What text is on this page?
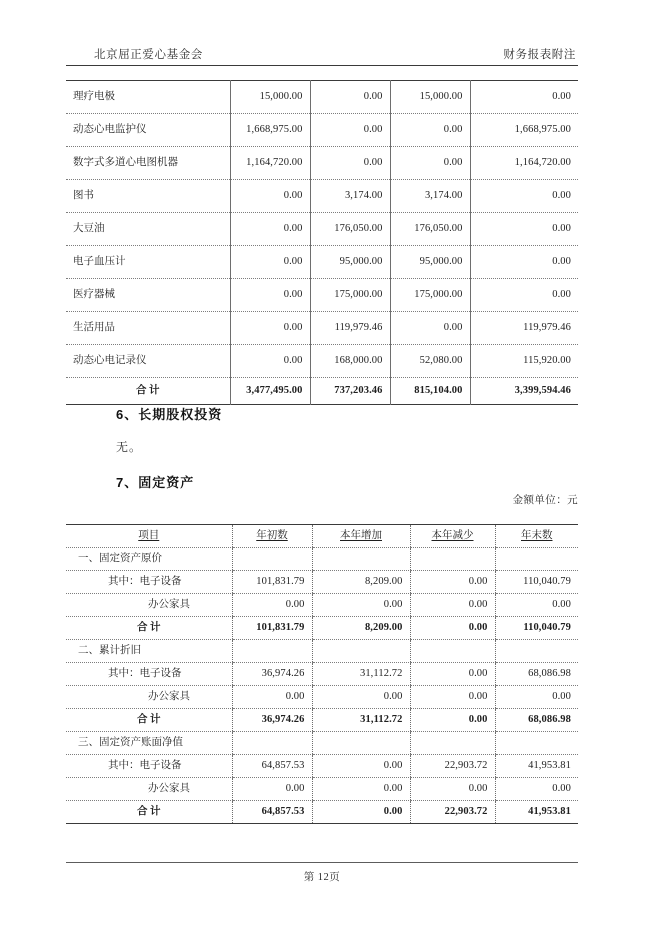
北京屈正爱心基金会	财务报表附注
理疗电极	15,000.00	0.00	15,000.00	0.00

动态心电监护仪	1,668,975.00	0.00	0.00	1,668,975.00

数字式多道心电图机器	1,164,720.00	0.00	0.00	1,164,720.00

图书	0.00	3,174.00	3,174.00	0.00

大豆油	0.00	176,050.00	176,050.00	0.00

电子血压计	0.00	95,000.00	95,000.00	0.00

医疗器械	0.00	175,000.00	175,000.00	0.00

生活用品	0.00	119,979.46	0.00	119,979.46

动态心电记录仪	0.00	168,000.00	52,080.00	115,920.00

合 计	3,477,495.00	737,203.46	815,104.00	3,399,594.46
6、长期股权投资
无。
7、固定资产
金额单位：元
项目	年初数	本年增加	本年减少	年末数

一、固定资产原价				

其中：电子设备	101,831.79	8,209.00	0.00	110,040.79

办公家具	0.00	0.00	0.00	0.00

合 计	101,831.79	8,209.00	0.00	110,040.79

二、累计折旧				

其中：电子设备	36,974.26	31,112.72	0.00	68,086.98

办公家具	0.00	0.00	0.00	0.00

合 计	36,974.26	31,112.72	0.00	68,086.98

三、固定资产账面净值				

其中：电子设备	64,857.53	0.00	22,903.72	41,953.81

办公家具	0.00	0.00	0.00	0.00

合 计	64,857.53	0.00	22,903.72	41,953.81
第 12页
